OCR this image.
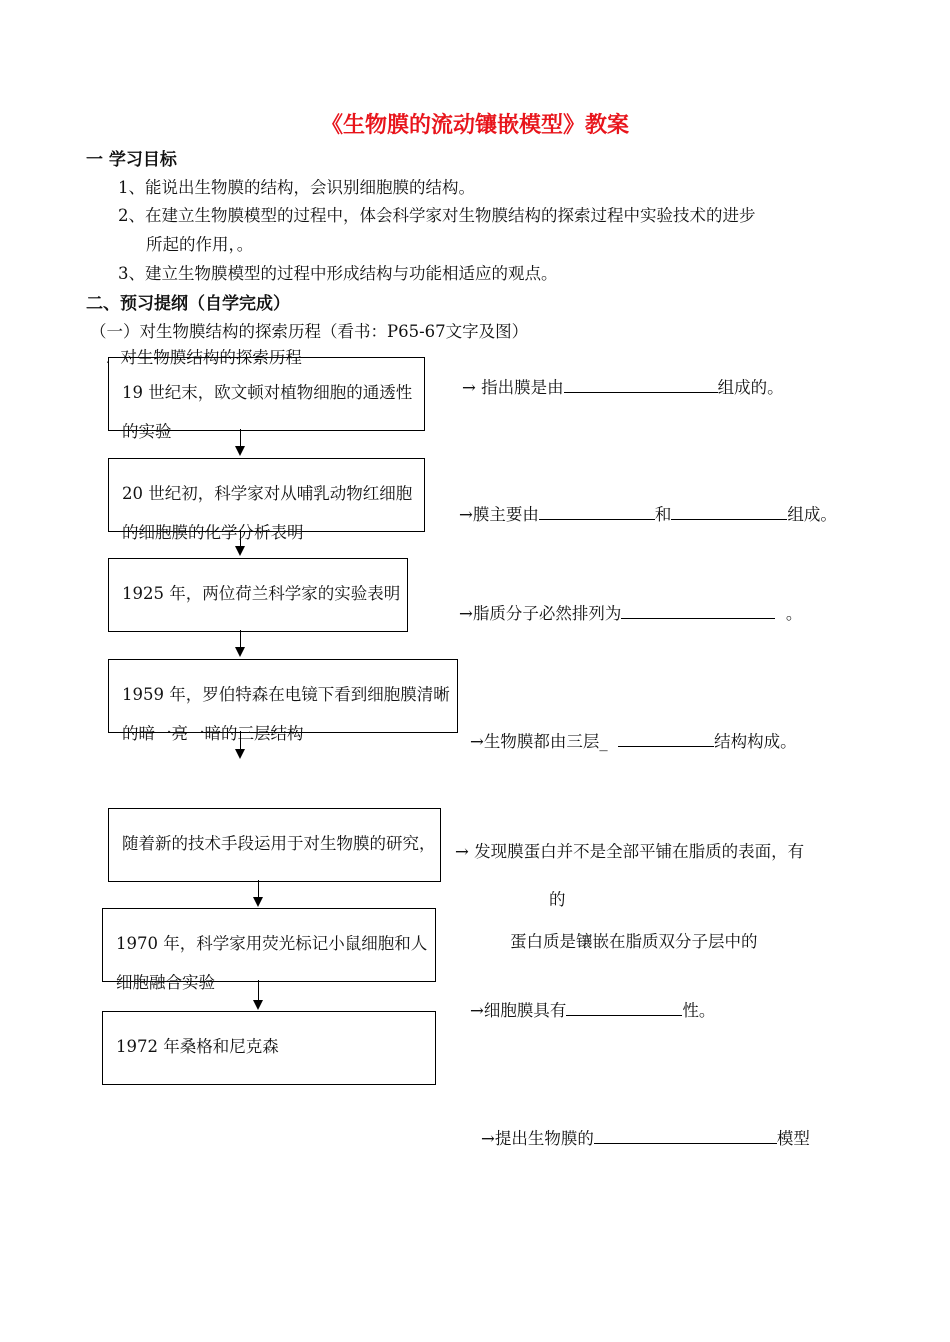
《生物膜的流动镶嵌模型》教案
一 学习目标
1、能说出生物膜的结构，会识别细胞膜的结构。
2、在建立生物膜模型的过程中，体会科学家对生物膜结构的探索过程中实验技术的进步
所起的作用，。
3、建立生物膜模型的过程中形成结构与功能相适应的观点。
二、预习提纲（自学完成）
（一）对生物膜结构的探索历程（看书：P65-67文字及图）
. 对生物膜结构的探索历程
19 世纪末，欧文顿对植物细胞的通透性的实验
20 世纪初，科学家对从哺乳动物红细胞的细胞膜的化学分析表明
1925 年，两位荷兰科学家的实验表明
1959 年，罗伯特森在电镜下看到细胞膜清晰的暗一亮一暗的三层结构
随着新的技术手段运用于对生物膜的研究，
1970 年，科学家用荧光标记小鼠细胞和人细胞融合实验
1972 年桑格和尼克森
→ 指出膜是由	组成的。
→膜主要由	和	组成。
→脂质分子必然排列为	。
→生物膜都由三层_	结构构成。
→ 发现膜蛋白并不是全部平铺在脂质的表面，有
的
蛋白质是镶嵌在脂质双分子层中的
→细胞膜具有	性。
→提出生物膜的	模型
